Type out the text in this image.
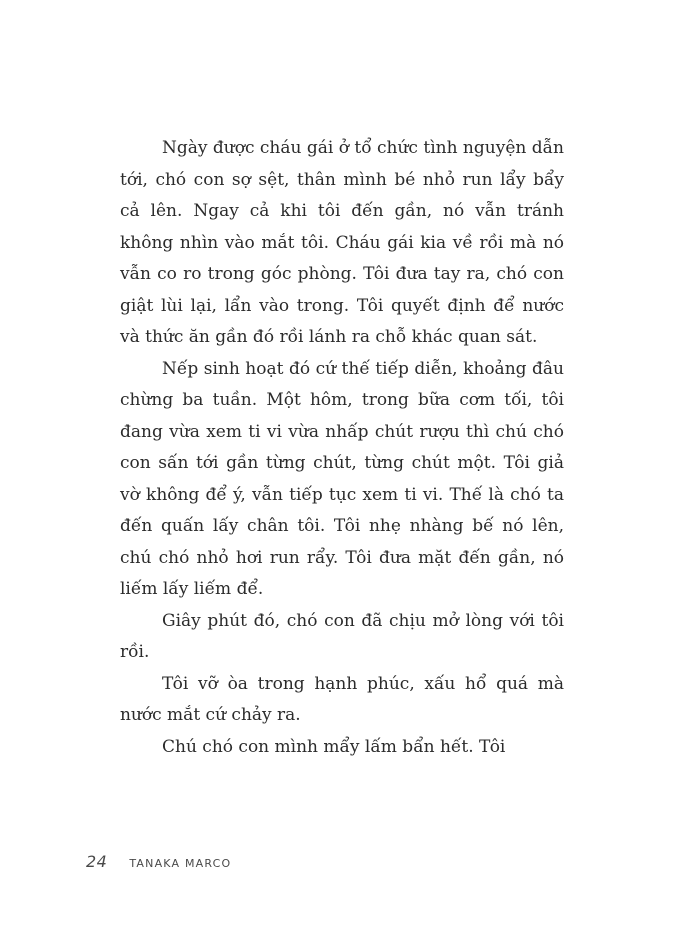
Ngày được cháu gái ở tổ chức tình nguyện dẫn tới, chó con sợ sệt, thân mình bé nhỏ run lẩy bẩy cả lên. Ngay cả khi tôi đến gần, nó vẫn tránh không nhìn vào mắt tôi. Cháu gái kia về rồi mà nó vẫn co ro trong góc phòng. Tôi đưa tay ra, chó con giật lùi lại, lẩn vào trong. Tôi quyết định để nước và thức ăn gần đó rồi lánh ra chỗ khác quan sát.

Nếp sinh hoạt đó cứ thế tiếp diễn, khoảng đâu chừng ba tuần. Một hôm, trong bữa cơm tối, tôi đang vừa xem ti vi vừa nhấp chút rượu thì chú chó con sấn tới gần từng chút, từng chút một. Tôi giả vờ không để ý, vẫn tiếp tục xem ti vi. Thế là chó ta đến quấn lấy chân tôi. Tôi nhẹ nhàng bế nó lên, chú chó nhỏ hơi run rẩy. Tôi đưa mặt đến gần, nó liếm lấy liếm để.

Giây phút đó, chó con đã chịu mở lòng với tôi rồi.

Tôi vỡ òa trong hạnh phúc, xấu hổ quá mà nước mắt cứ chảy ra.

Chú chó con mình mẩy lấm bẩn hết. Tôi

24 TANAKA MARCO
